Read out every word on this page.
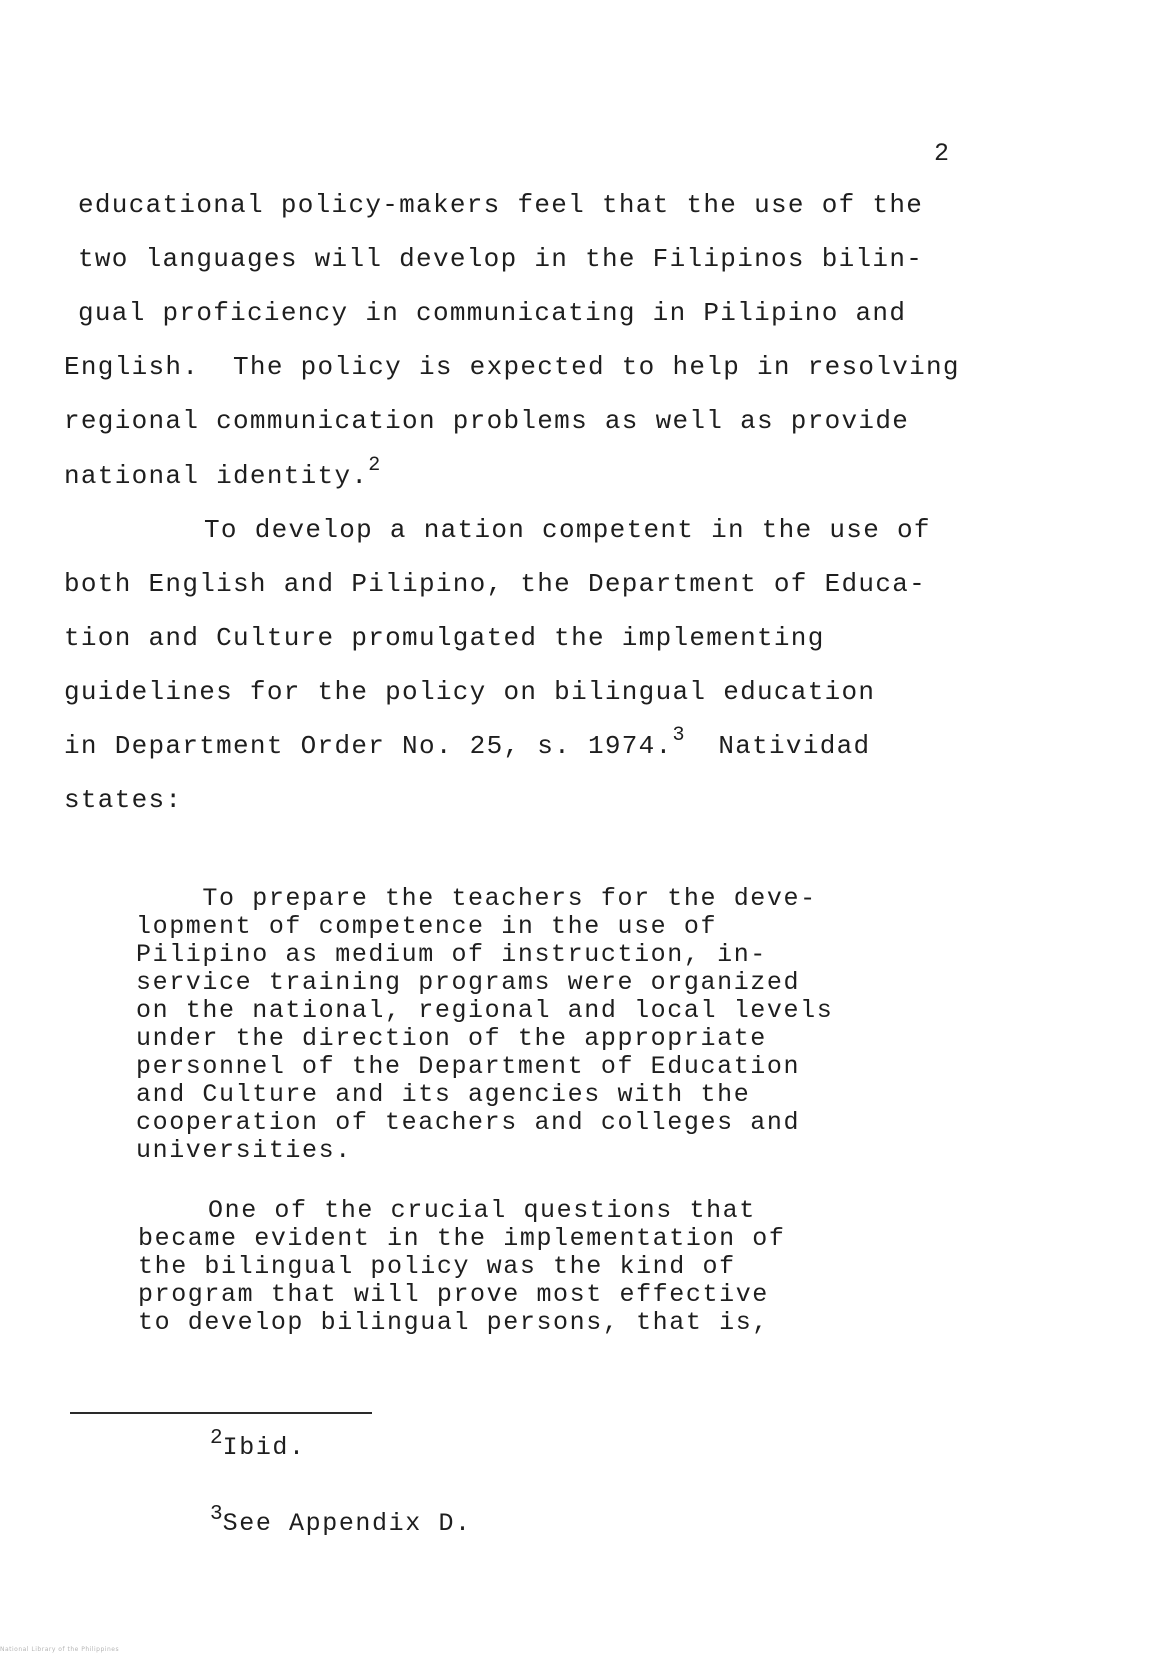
2
educational policy-makers feel that the use of the
two languages will develop in the Filipinos bilin-
gual proficiency in communicating in Pilipino and
English.  The policy is expected to help in resolving
regional communication problems as well as provide
national identity.$^2$
To develop a nation competent in the use of
both English and Pilipino, the Department of Educa-
tion and Culture promulgated the implementing
guidelines for the policy on bilingual education
in Department Order No. 25, s. 1974.$^3$  Natividad
states:
To prepare the teachers for the deve-
lopment of competence in the use of
Pilipino as medium of instruction, in-
service training programs were organized
on the national, regional and local levels
under the direction of the appropriate
personnel of the Department of Education
and Culture and its agencies with the
cooperation of teachers and colleges and
universities.
One of the crucial questions that
became evident in the implementation of
the bilingual policy was the kind of
program that will prove most effective
to develop bilingual persons, that is,
$^2$Ibid.
$^3$See Appendix D.
National Library of the Philippines
